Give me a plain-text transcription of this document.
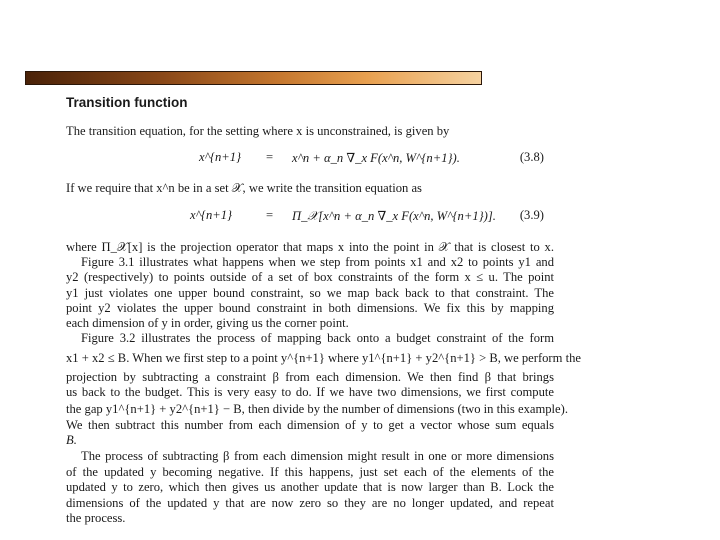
Transition function
The transition equation, for the setting where x is unconstrained, is given by
x^{n+1} = x^n + α_n ∇_x F(x^n, W^{n+1}).	(3.8)
If we require that x^n be in a set 𝒳, we write the transition equation as
x^{n+1}	= Π_𝒳[x^n + α_n ∇_x F(x^n, W^{n+1})]. (3.9)
where Π_𝒳[x] is the projection operator that maps x into the point in 𝒳 that is closest to x.
Figure 3.1 illustrates what happens when we step from points x1 and x2 to points y1 and
y2 (respectively) to points outside of a set of box constraints of the form x ≤ u. The point
y1 just violates one upper bound constraint, so we map back back to that constraint. The
point y2 violates the upper bound constraint in both dimensions. We fix this by mapping
each dimension of y in order, giving us the corner point.
Figure 3.2 illustrates the process of mapping back onto a budget constraint of the form
x1 + x2 ≤ B. When we first step to a point y^{n+1} where y1^{n+1} + y2^{n+1} > B, we perform the
projection by subtracting a constraint β from each dimension. We then find β that brings
us back to the budget. This is very easy to do. If we have two dimensions, we first compute
the gap y1^{n+1} + y2^{n+1} − B, then divide by the number of dimensions (two in this example).
We then subtract this number from each dimension of y to get a vector whose sum equals
B.
The process of subtracting β from each dimension might result in one or more dimensions
of the updated y becoming negative. If this happens, just set each of the elements of the
updated y to zero, which then gives us another update that is now larger than B. Lock the
dimensions of the updated y that are now zero so they are no longer updated, and repeat
the process.
